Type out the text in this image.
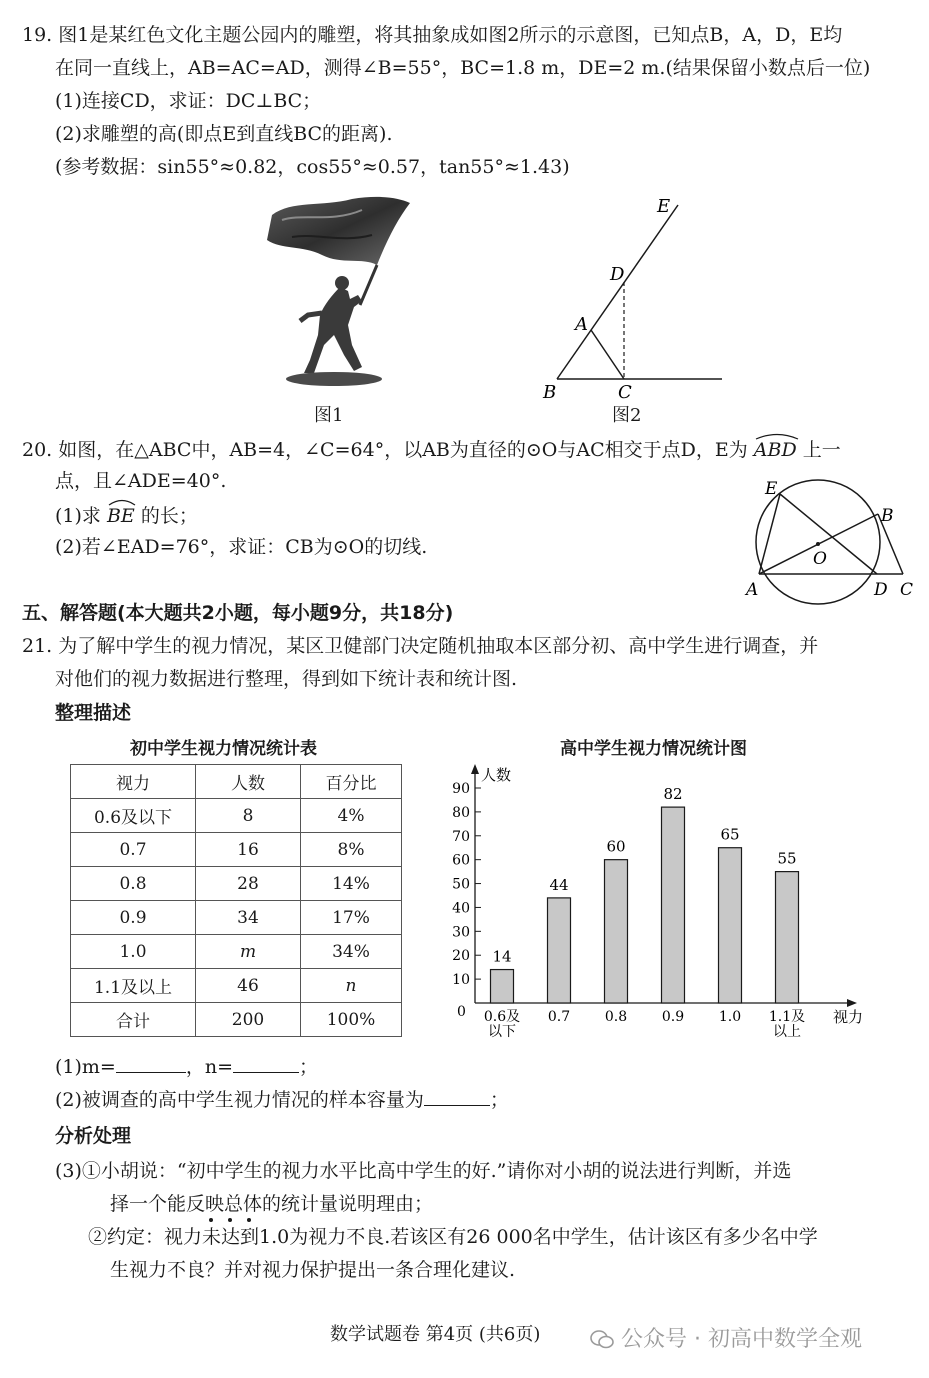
19. 图1是某红色文化主题公园内的雕塑，将其抽象成如图2所示的示意图，已知点B，A，D，E均
在同一直线上，AB=AC=AD，测得∠B=55°，BC=1.8 m，DE=2 m.(结果保留小数点后一位)
(1)连接CD，求证：DC⊥BC；
(2)求雕塑的高(即点E到直线BC的距离).
(参考数据：sin55°≈0.82，cos55°≈0.57，tan55°≈1.43)
E
D
A
B	C
图1	图2
20. 如图，在△ABC中，AB=4，∠C=64°，以AB为直径的⊙O与AC相交于点D，E为 ABD 上一
点，且∠ADE=40°.
(1)求 BE 的长；
(2)若∠EAD=76°，求证：CB为⊙O的切线.
E
B
O
A	D C
五、解答题(本大题共2小题，每小题9分，共18分)
21. 为了解中学生的视力情况，某区卫健部门决定随机抽取本区部分初、高中学生进行调查，并
对他们的视力数据进行整理，得到如下统计表和统计图.
整理描述
初中学生视力情况统计表
视力	人数	百分比
0.6及以下	8	4%
0.7	16	8%
0.8	28	14%
0.9	34	17%
1.0	m	34%
1.1及以上	46	n
合计	200	100%
高中学生视力情况统计图
人数
视力
0
10
20
30
40
50
60
70
80
90
14
0.6及
以下
44
0.7
60
0.8
82
0.9
65
1.0
55
1.1及
以上
(1)m=	，n=	；
(2)被调查的高中学生视力情况的样本容量为	；
分析处理
(3)①小胡说：“初中学生的视力水平比高中学生的好.”请你对小胡的说法进行判断，并选
择一个能反映总体的统计量说明理由；
②约定：视力
未达到1.0为视力不良.若该区有26 000名中学生，估计该区有多少名中学
生视力不良？并对视力保护提出一条合理化建议.
数学试题卷 第4页 (共6页)	公众号 · 初高中数学全观
